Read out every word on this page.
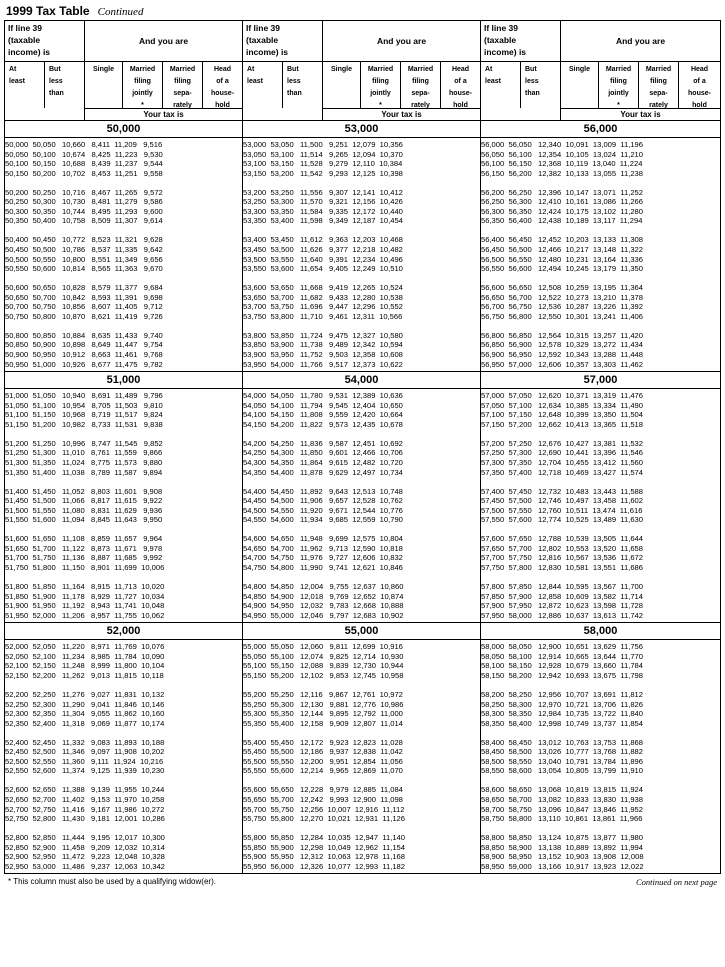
1999 Tax Table Continued
If line 39
(taxable
income) is
And you are
At
least
But
less
than
Single	Married
filing
jointly
*
Married
filing
sepa-
rately
Head
of a
house-
hold
Your tax is
If line 39
(taxable
income) is
And you are
At
least
But
less
than
Single	Married
filing
jointly
*
Married
filing
sepa-
rately
Head
of a
house-
hold
Your tax is
If line 39
(taxable
income) is
And you are
At
least
But
less
than
Single	Married
filing
jointly
*
Married
filing
sepa-
rately
Head
of a
house-
hold
Your tax is
50,000
50,000  50,050   10,660   8,411  11,209   9,516
50,050  50,100   10,674   8,425  11,223   9,530
50,100  50,150   10,688   8,439  11,237   9,544
50,150  50,200   10,702   8,453  11,251   9,558

50,200  50,250   10,716   8,467  11,265   9,572
50,250  50,300   10,730   8,481  11,279   9,586
50,300  50,350   10,744   8,495  11,293   9,600
50,350  50,400   10,758   8,509  11,307   9,614

50,400  50,450   10,772   8,523  11,321   9,628
50,450  50,500   10,786   8,537  11,335   9,642
50,500  50,550   10,800   8,551  11,349   9,656
50,550  50,600   10,814   8,565  11,363   9,670

50,600  50,650   10,828   8,579  11,377   9,684
50,650  50,700   10,842   8,593  11,391   9,698
50,700  50,750   10,856   8,607  11,405   9,712
50,750  50,800   10,870   8,621  11,419   9,726

50,800  50,850   10,884   8,635  11,433   9,740
50,850  50,900   10,898   8,649  11,447   9,754
50,900  50,950   10,912   8,663  11,461   9,768
50,950  51,000   10,926   8,677  11,475   9,782
51,000
51,000  51,050   10,940   8,691  11,489   9,796
51,050  51,100   10,954   8,705  11,503   9,810
51,100  51,150   10,968   8,719  11,517   9,824
51,150  51,200   10,982   8,733  11,531   9,838

51,200  51,250   10,996   8,747  11,545   9,852
51,250  51,300   11,010   8,761  11,559   9,866
51,300  51,350   11,024   8,775  11,573   9,880
51,350  51,400   11,038   8,789  11,587   9,894

51,400  51,450   11,052   8,803  11,601   9,908
51,450  51,500   11,066   8,817  11,615   9,922
51,500  51,550   11,080   8,831  11,629   9,936
51,550  51,600   11,094   8,845  11,643   9,950

51,600  51,650   11,108   8,859  11,657   9,964
51,650  51,700   11,122   8,873  11,671   9,978
51,700  51,750   11,136   8,887  11,685   9,992
51,750  51,800   11,150   8,901  11,699  10,006

51,800  51,850   11,164   8,915  11,713  10,020
51,850  51,900   11,178   8,929  11,727  10,034
51,900  51,950   11,192   8,943  11,741  10,048
51,950  52,000   11,206   8,957  11,755  10,062
52,000
52,000  52,050   11,220   8,971  11,769  10,076
52,050  52,100   11,234   8,985  11,784  10,090
52,100  52,150   11,248   8,999  11,800  10,104
52,150  52,200   11,262   9,013  11,815  10,118

52,200  52,250   11,276   9,027  11,831  10,132
52,250  52,300   11,290   9,041  11,846  10,146
52,300  52,350   11,304   9,055  11,862  10,160
52,350  52,400   11,318   9,069  11,877  10,174

52,400  52,450   11,332   9,083  11,893  10,188
52,450  52,500   11,346   9,097  11,908  10,202
52,500  52,550   11,360   9,111  11,924  10,216
52,550  52,600   11,374   9,125  11,939  10,230

52,600  52,650   11,388   9,139  11,955  10,244
52,650  52,700   11,402   9,153  11,970  10,258
52,700  52,750   11,416   9,167  11,986  10,272
52,750  52,800   11,430   9,181  12,001  10,286

52,800  52,850   11,444   9,195  12,017  10,300
52,850  52,900   11,458   9,209  12,032  10,314
52,900  52,950   11,472   9,223  12,048  10,328
52,950  53,000   11,486   9,237  12,063  10,342
53,000
53,000  53,050   11,500   9,251  12,079  10,356
53,050  53,100   11,514   9,265  12,094  10,370
53,100  53,150   11,528   9,279  12,110  10,384
53,150  53,200   11,542   9,293  12,125  10,398

53,200  53,250   11,556   9,307  12,141  10,412
53,250  53,300   11,570   9,321  12,156  10,426
53,300  53,350   11,584   9,335  12,172  10,440
53,350  53,400   11,598   9,349  12,187  10,454

53,400  53,450   11,612   9,363  12,203  10,468
53,450  53,500   11,626   9,377  12,218  10,482
53,500  53,550   11,640   9,391  12,234  10,496
53,550  53,600   11,654   9,405  12,249  10,510

53,600  53,650   11,668   9,419  12,265  10,524
53,650  53,700   11,682   9,433  12,280  10,538
53,700  53,750   11,696   9,447  12,296  10,552
53,750  53,800   11,710   9,461  12,311  10,566

53,800  53,850   11,724   9,475  12,327  10,580
53,850  53,900   11,738   9,489  12,342  10,594
53,900  53,950   11,752   9,503  12,358  10,608
53,950  54,000   11,766   9,517  12,373  10,622
54,000
54,000  54,050   11,780   9,531  12,389  10,636
54,050  54,100   11,794   9,545  12,404  10,650
54,100  54,150   11,808   9,559  12,420  10,664
54,150  54,200   11,822   9,573  12,435  10,678

54,200  54,250   11,836   9,587  12,451  10,692
54,250  54,300   11,850   9,601  12,466  10,706
54,300  54,350   11,864   9,615  12,482  10,720
54,350  54,400   11,878   9,629  12,497  10,734

54,400  54,450   11,892   9,643  12,513  10,748
54,450  54,500   11,906   9,657  12,528  10,762
54,500  54,550   11,920   9,671  12,544  10,776
54,550  54,600   11,934   9,685  12,559  10,790

54,600  54,650   11,948   9,699  12,575  10,804
54,650  54,700   11,962   9,713  12,590  10,818
54,700  54,750   11,976   9,727  12,606  10,832
54,750  54,800   11,990   9,741  12,621  10,846

54,800  54,850   12,004   9,755  12,637  10,860
54,850  54,900   12,018   9,769  12,652  10,874
54,900  54,950   12,032   9,783  12,668  10,888
54,950  55,000   12,046   9,797  12,683  10,902
55,000
55,000  55,050   12,060   9,811  12,699  10,916
55,050  55,100   12,074   9,825  12,714  10,930
55,100  55,150   12,088   9,839  12,730  10,944
55,150  55,200   12,102   9,853  12,745  10,958

55,200  55,250   12,116   9,867  12,761  10,972
55,250  55,300   12,130   9,881  12,776  10,986
55,300  55,350   12,144   9,895  12,792  11,000
55,350  55,400   12,158   9,909  12,807  11,014

55,400  55,450   12,172   9,923  12,823  11,028
55,450  55,500   12,186   9,937  12,838  11,042
55,500  55,550   12,200   9,951  12,854  11,056
55,550  55,600   12,214   9,965  12,869  11,070

55,600  55,650   12,228   9,979  12,885  11,084
55,650  55,700   12,242   9,993  12,900  11,098
55,700  55,750   12,256  10,007  12,916  11,112
55,750  55,800   12,270  10,021  12,931  11,126

55,800  55,850   12,284  10,035  12,947  11,140
55,850  55,900   12,298  10,049  12,962  11,154
55,900  55,950   12,312  10,063  12,978  11,168
55,950  56,000   12,326  10,077  12,993  11,182
56,000
56,000  56,050   12,340  10,091  13,009  11,196
56,050  56,100   12,354  10,105  13,024  11,210
56,100  56,150   12,368  10,119  13,040  11,224
56,150  56,200   12,382  10,133  13,055  11,238

56,200  56,250   12,396  10,147  13,071  11,252
56,250  56,300   12,410  10,161  13,086  11,266
56,300  56,350   12,424  10,175  13,102  11,280
56,350  56,400   12,438  10,189  13,117  11,294

56,400  56,450   12,452  10,203  13,133  11,308
56,450  56,500   12,466  10,217  13,148  11,322
56,500  56,550   12,480  10,231  13,164  11,336
56,550  56,600   12,494  10,245  13,179  11,350

56,600  56,650   12,508  10,259  13,195  11,364
56,650  56,700   12,522  10,273  13,210  11,378
56,700  56,750   12,536  10,287  13,226  11,392
56,750  56,800   12,550  10,301  13,241  11,406

56,800  56,850   12,564  10,315  13,257  11,420
56,850  56,900   12,578  10,329  13,272  11,434
56,900  56,950   12,592  10,343  13,288  11,448
56,950  57,000   12,606  10,357  13,303  11,462
57,000
57,000  57,050   12,620  10,371  13,319  11,476
57,050  57,100   12,634  10,385  13,334  11,490
57,100  57,150   12,648  10,399  13,350  11,504
57,150  57,200   12,662  10,413  13,365  11,518

57,200  57,250   12,676  10,427  13,381  11,532
57,250  57,300   12,690  10,441  13,396  11,546
57,300  57,350   12,704  10,455  13,412  11,560
57,350  57,400   12,718  10,469  13,427  11,574

57,400  57,450   12,732  10,483  13,443  11,588
57,450  57,500   12,746  10,497  13,458  11,602
57,500  57,550   12,760  10,511  13,474  11,616
57,550  57,600   12,774  10,525  13,489  11,630

57,600  57,650   12,788  10,539  13,505  11,644
57,650  57,700   12,802  10,553  13,520  11,658
57,700  57,750   12,816  10,567  13,536  11,672
57,750  57,800   12,830  10,581  13,551  11,686

57,800  57,850   12,844  10,595  13,567  11,700
57,850  57,900   12,858  10,609  13,582  11,714
57,900  57,950   12,872  10,623  13,598  11,728
57,950  58,000   12,886  10,637  13,613  11,742
58,000
58,000  58,050   12,900  10,651  13,629  11,756
58,050  58,100   12,914  10,665  13,644  11,770
58,100  58,150   12,928  10,679  13,660  11,784
58,150  58,200   12,942  10,693  13,675  11,798

58,200  58,250   12,956  10,707  13,691  11,812
58,250  58,300   12,970  10,721  13,706  11,826
58,300  58,350   12,984  10,735  13,722  11,840
58,350  58,400   12,998  10,749  13,737  11,854

58,400  58,450   13,012  10,763  13,753  11,868
58,450  58,500   13,026  10,777  13,768  11,882
58,500  58,550   13,040  10,791  13,784  11,896
58,550  58,600   13,054  10,805  13,799  11,910

58,600  58,650   13,068  10,819  13,815  11,924
58,650  58,700   13,082  10,833  13,830  11,938
58,700  58,750   13,096  10,847  13,846  11,952
58,750  58,800   13,110  10,861  13,861  11,966

58,800  58,850   13,124  10,875  13,877  11,980
58,850  58,900   13,138  10,889  13,892  11,994
58,900  58,950   13,152  10,903  13,908  12,008
58,950  59,000   13,166  10,917  13,923  12,022
* This column must also be used by a qualifying widow(er).	Continued on next page
